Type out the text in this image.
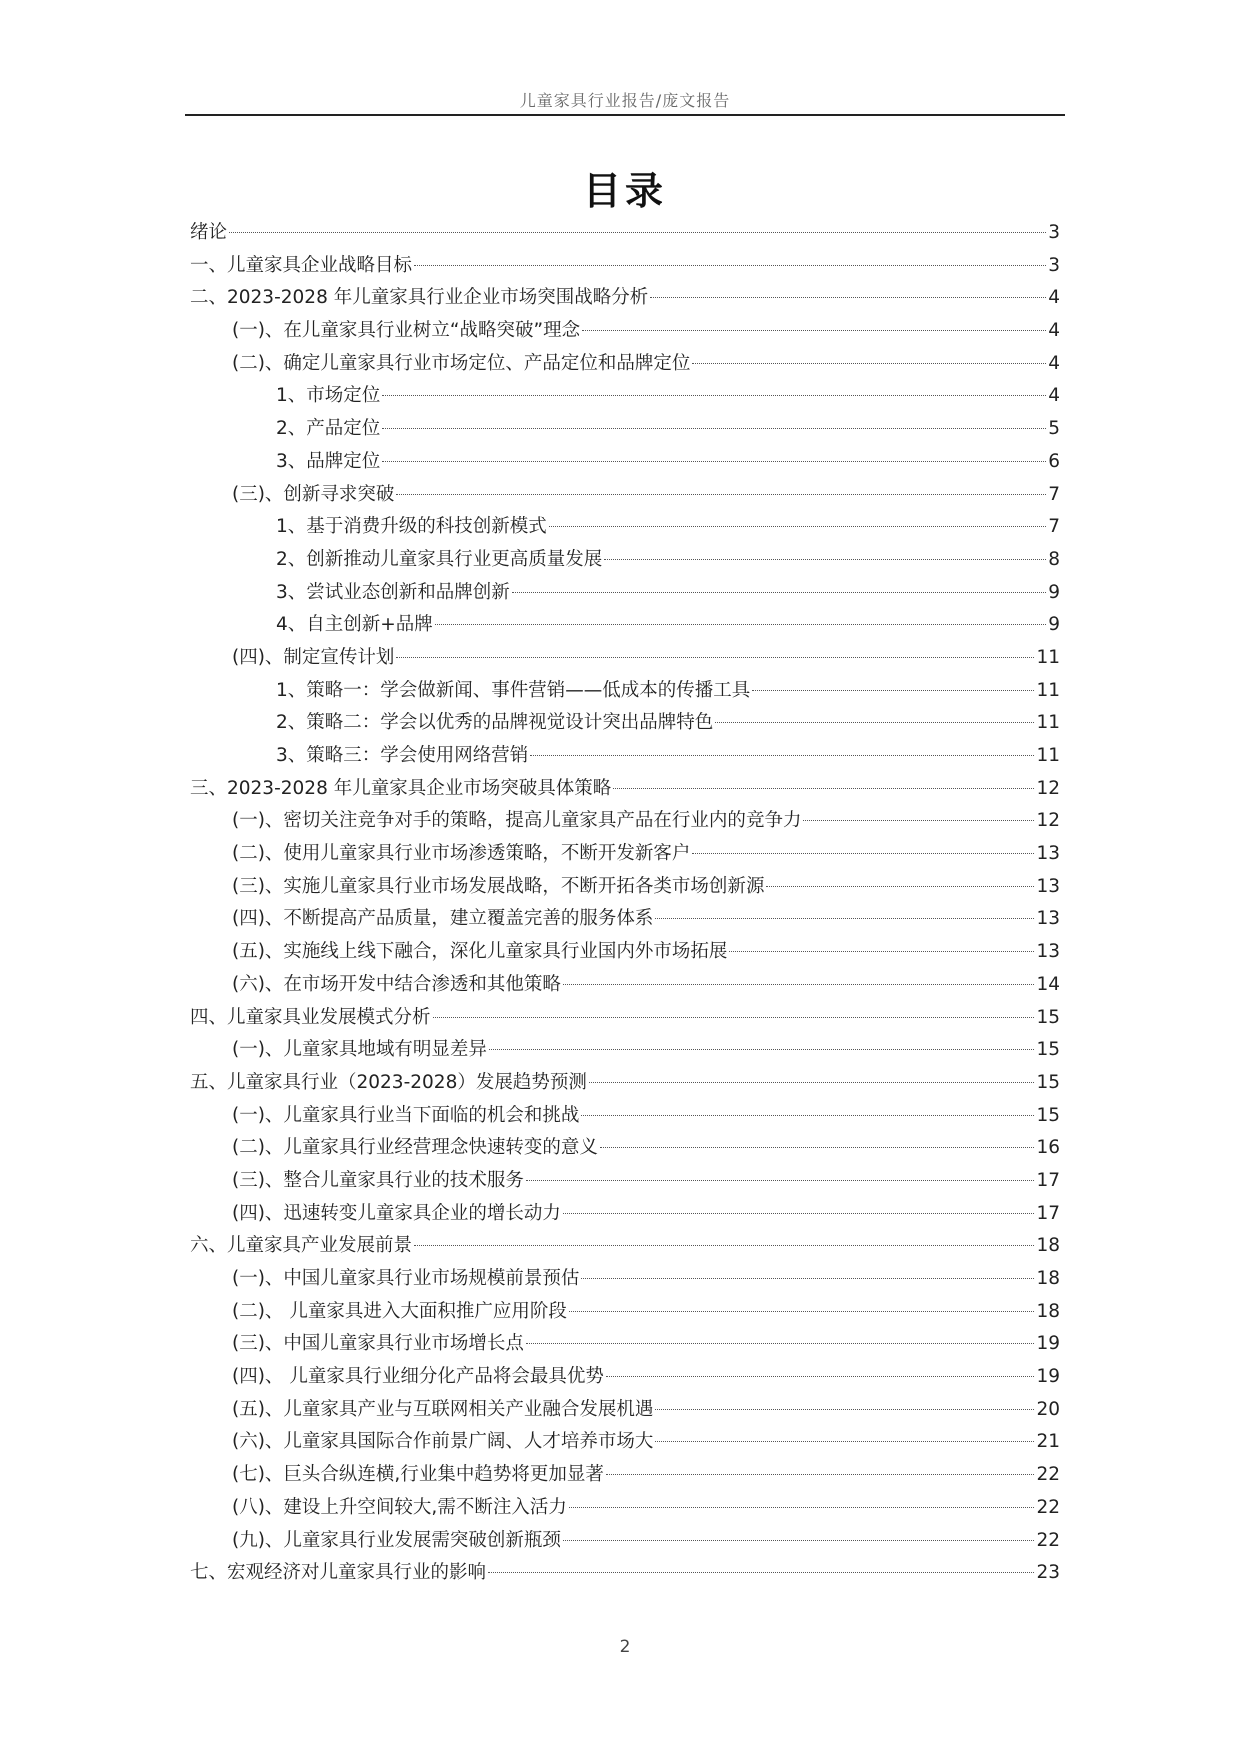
儿童家具行业报告/庞文报告
目录
绪论	3
一、儿童家具企业战略目标	3
二、2023-2028 年儿童家具行业企业市场突围战略分析	4
(一)、在儿童家具行业树立“战略突破”理念	4
(二)、确定儿童家具行业市场定位、产品定位和品牌定位	4
1、市场定位	4
2、产品定位	5
3、品牌定位	6
(三)、创新寻求突破	7
1、基于消费升级的科技创新模式	7
2、创新推动儿童家具行业更高质量发展	8
3、尝试业态创新和品牌创新	9
4、自主创新+品牌	9
(四)、制定宣传计划	11
1、策略一：学会做新闻、事件营销——低成本的传播工具	11
2、策略二：学会以优秀的品牌视觉设计突出品牌特色	11
3、策略三：学会使用网络营销	11
三、2023-2028 年儿童家具企业市场突破具体策略	12
(一)、密切关注竞争对手的策略，提高儿童家具产品在行业内的竞争力	12
(二)、使用儿童家具行业市场渗透策略，不断开发新客户	13
(三)、实施儿童家具行业市场发展战略，不断开拓各类市场创新源	13
(四)、不断提高产品质量，建立覆盖完善的服务体系	13
(五)、实施线上线下融合，深化儿童家具行业国内外市场拓展	13
(六)、在市场开发中结合渗透和其他策略	14
四、儿童家具业发展模式分析	15
(一)、儿童家具地域有明显差异	15
五、儿童家具行业（2023-2028）发展趋势预测	15
(一)、儿童家具行业当下面临的机会和挑战	15
(二)、儿童家具行业经营理念快速转变的意义	16
(三)、整合儿童家具行业的技术服务	17
(四)、迅速转变儿童家具企业的增长动力	17
六、儿童家具产业发展前景	18
(一)、中国儿童家具行业市场规模前景预估	18
(二)、 儿童家具进入大面积推广应用阶段	18
(三)、中国儿童家具行业市场增长点	19
(四)、 儿童家具行业细分化产品将会最具优势	19
(五)、儿童家具产业与互联网相关产业融合发展机遇	20
(六)、儿童家具国际合作前景广阔、人才培养市场大	21
(七)、巨头合纵连横,行业集中趋势将更加显著	22
(八)、建设上升空间较大,需不断注入活力	22
(九)、儿童家具行业发展需突破创新瓶颈	22
七、宏观经济对儿童家具行业的影响	23
2
